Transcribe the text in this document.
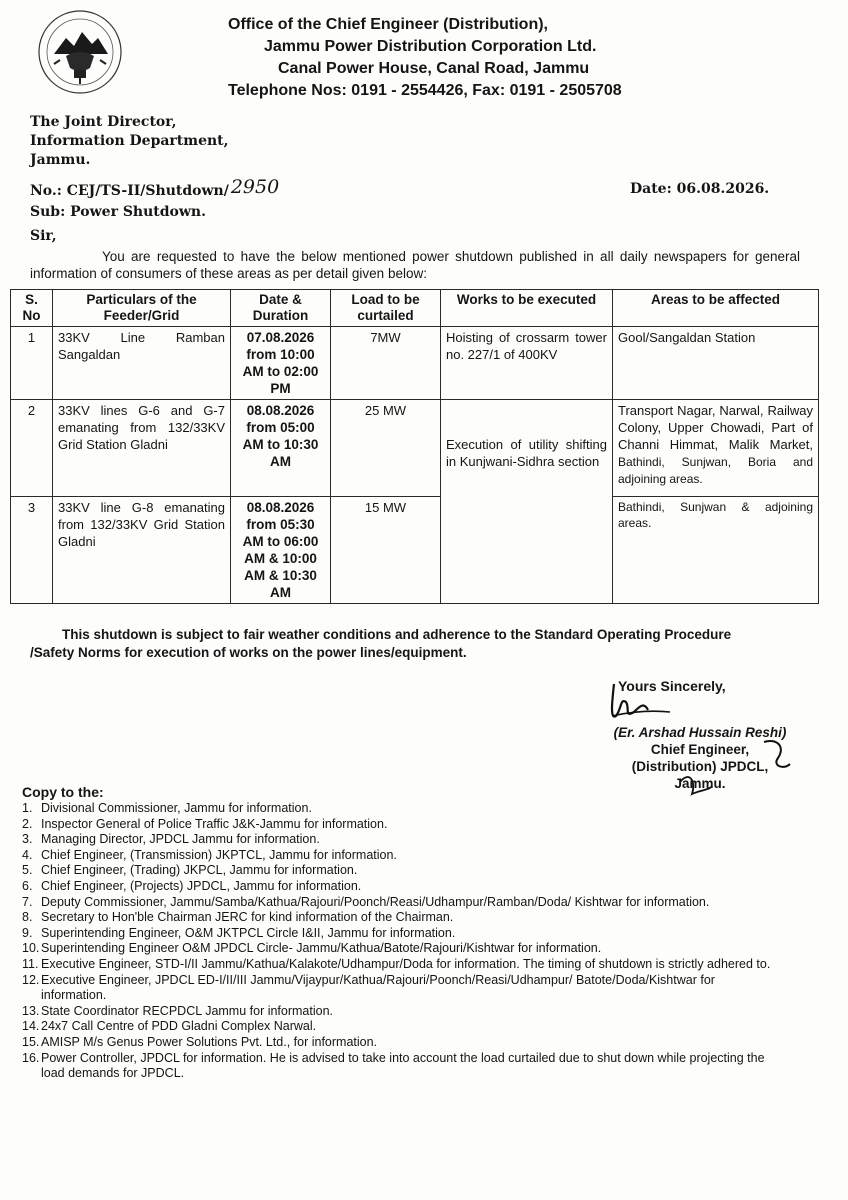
Office of the Chief Engineer (Distribution),
Jammu Power Distribution Corporation Ltd.
Canal Power House, Canal Road, Jammu
Telephone Nos: 0191 - 2554426, Fax: 0191 - 2505708
The Joint Director,
Information Department,
Jammu.
No.: CEJ/TS-II/Shutdown/ 2950	Date: 06.08.2026.
Sub: Power Shutdown.
Sir,
You are requested to have the below mentioned power shutdown published in all daily newspapers for general information of consumers of these areas as per detail given below:
S. No	Particulars of the Feeder/Grid	Date & Duration	Load to be curtailed	Works to be executed	Areas to be affected
1	33KV Line Ramban Sangaldan	07.08.2026 from 10:00 AM to 02:00 PM	7MW	Hoisting of crossarm tower no. 227/1 of 400KV	Gool/Sangaldan Station
2	33KV lines G-6 and G-7 emanating from 132/33KV Grid Station Gladni	08.08.2026 from 05:00 AM to 10:30 AM	25 MW	Execution of utility shifting in Kunjwani-Sidhra section	Transport Nagar, Narwal, Railway Colony, Upper Chowadi, Part of Channi Himmat, Malik Market, Bathindi, Sunjwan, Boria and adjoining areas.
3	33KV line G-8 emanating from 132/33KV Grid Station Gladni	08.08.2026 from 05:30 AM to 06:00 AM & 10:00 AM & 10:30 AM	15 MW		Bathindi, Sunjwan & adjoining areas.
This shutdown is subject to fair weather conditions and adherence to the Standard Operating Procedure /Safety Norms for execution of works on the power lines/equipment.
Yours Sincerely,
(Er. Arshad Hussain Reshi)
Chief Engineer,
(Distribution) JPDCL,
Jammu.
Copy to the:
1. Divisional Commissioner, Jammu for information.
2. Inspector General of Police Traffic J&K-Jammu for information.
3. Managing Director, JPDCL Jammu for information.
4. Chief Engineer, (Transmission) JKPTCL, Jammu for information.
5. Chief Engineer, (Trading) JKPCL, Jammu for information.
6. Chief Engineer, (Projects) JPDCL, Jammu for information.
7. Deputy Commissioner, Jammu/Samba/Kathua/Rajouri/Poonch/Reasi/Udhampur/Ramban/Doda/ Kishtwar for information.
8. Secretary to Hon'ble Chairman JERC for kind information of the Chairman.
9. Superintending Engineer, O&M JKTPCL Circle I&II, Jammu for information.
10. Superintending Engineer O&M JPDCL Circle- Jammu/Kathua/Batote/Rajouri/Kishtwar for information.
11. Executive Engineer, STD-I/II Jammu/Kathua/Kalakote/Udhampur/Doda for information. The timing of shutdown is strictly adhered to.
12. Executive Engineer, JPDCL ED-I/II/III Jammu/Vijaypur/Kathua/Rajouri/Poonch/Reasi/Udhampur/ Batote/Doda/Kishtwar for information.
13. State Coordinator RECPDCL Jammu for information.
14. 24x7 Call Centre of PDD Gladni Complex Narwal.
15. AMISP M/s Genus Power Solutions Pvt. Ltd., for information.
16. Power Controller, JPDCL for information. He is advised to take into account the load curtailed due to shut down while projecting the load demands for JPDCL.
